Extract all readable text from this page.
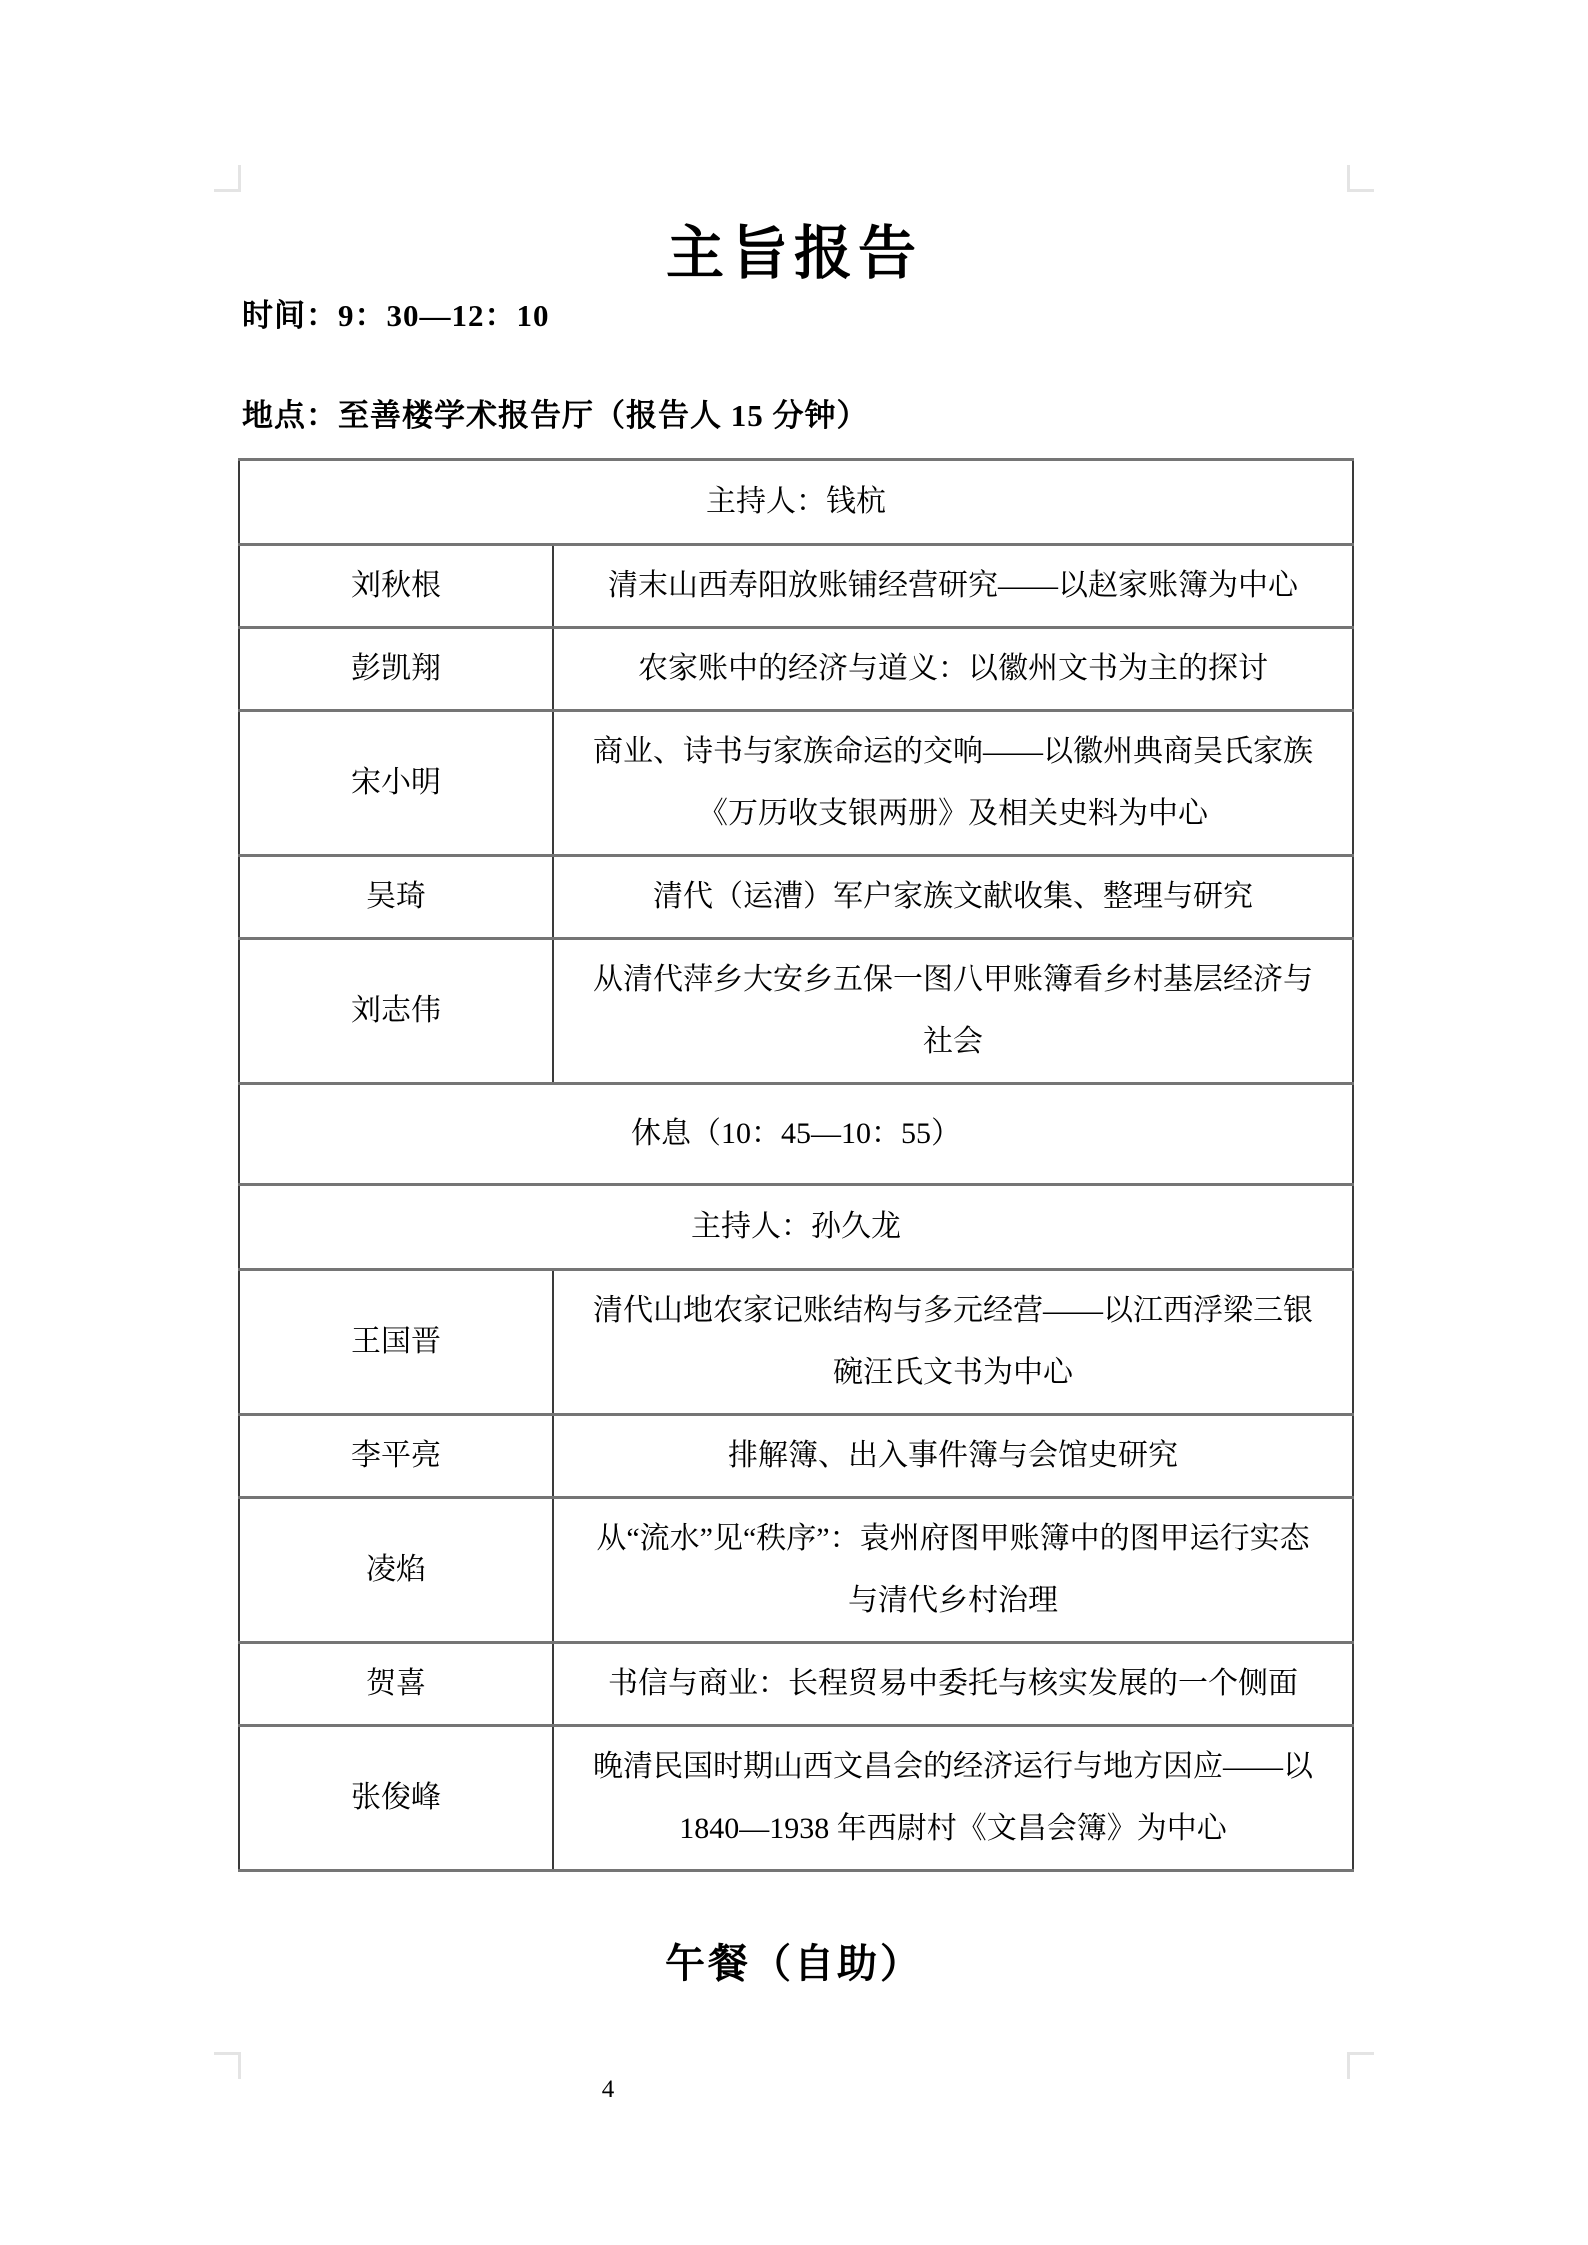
主旨报告
时间：9：30—12：10
地点：至善楼学术报告厅（报告人 15 分钟）
主持人：钱杭	
刘秋根	清末山西寿阳放账铺经营研究——以赵家账簿为中心
彭凯翔	农家账中的经济与道义：以徽州文书为主的探讨
宋小明	商业、诗书与家族命运的交响——以徽州典商吴氏家族《万历收支银两册》及相关史料为中心
吴琦	清代（运漕）军户家族文献收集、整理与研究
刘志伟	从清代萍乡大安乡五保一图八甲账簿看乡村基层经济与社会
休息（10：45—10：55）	
主持人：孙久龙	
王国晋	清代山地农家记账结构与多元经营——以江西浮梁三银碗汪氏文书为中心
李平亮	排解簿、出入事件簿与会馆史研究
凌焰	从“流水”见“秩序”：袁州府图甲账簿中的图甲运行实态与清代乡村治理
贺喜	书信与商业：长程贸易中委托与核实发展的一个侧面
张俊峰	晚清民国时期山西文昌会的经济运行与地方因应——以 1840—1938 年西尉村《文昌会簿》为中心
午餐（自助）
4
